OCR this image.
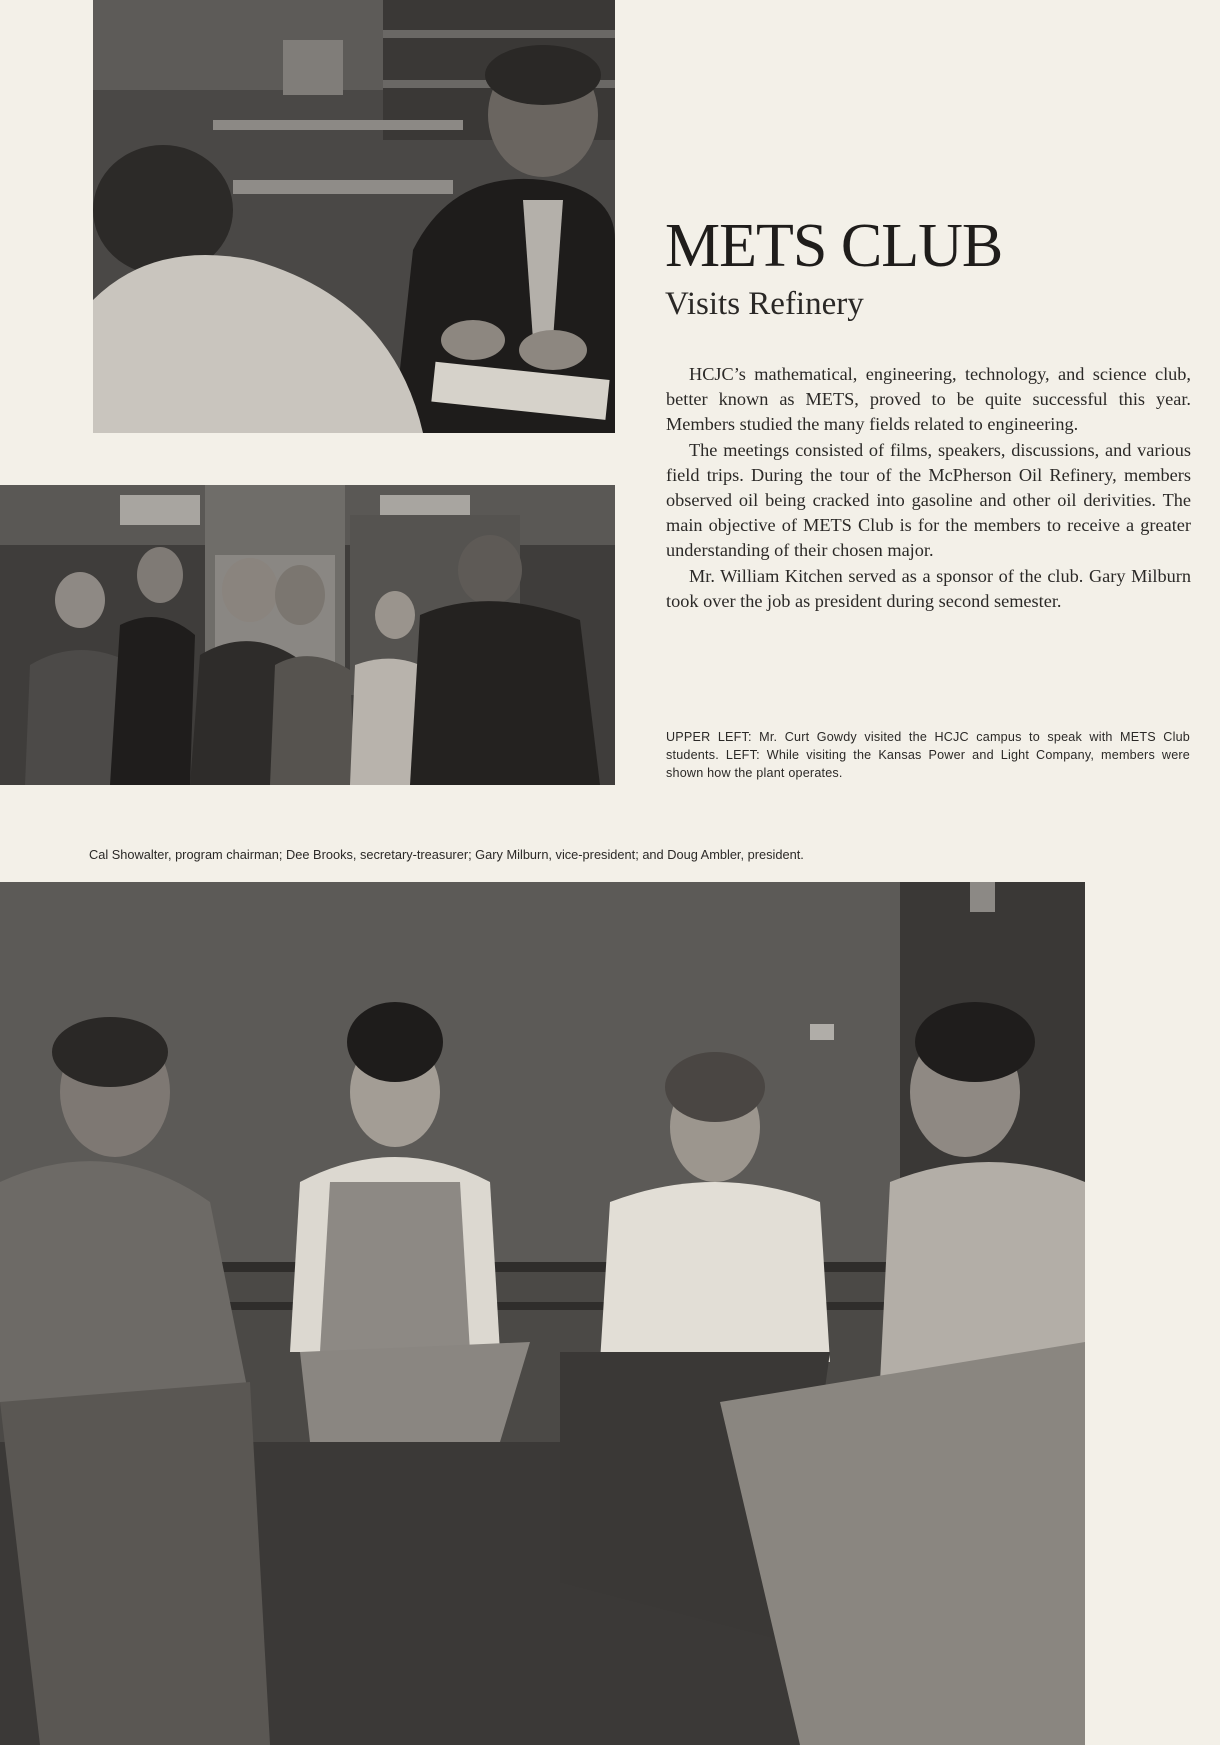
METS CLUB
Visits Refinery

HCJC’s mathematical, engineering, technology, and science club, better known as METS, proved to be quite successful this year. Members studied the many fields related to engineering.

The meetings consisted of films, speakers, discussions, and various field trips. During the tour of the McPherson Oil Refinery, members observed oil being cracked into gasoline and other oil derivities. The main objective of METS Club is for the members to receive a greater understanding of their chosen major.

Mr. William Kitchen served as a sponsor of the club. Gary Milburn took over the job as president during second semester.

UPPER LEFT: Mr. Curt Gowdy visited the HCJC campus to speak with METS Club students. LEFT: While visiting the Kansas Power and Light Company, members were shown how the plant operates.
Cal Showalter, program chairman; Dee Brooks, secretary-treasurer; Gary Milburn, vice-president; and Doug Ambler, president.
